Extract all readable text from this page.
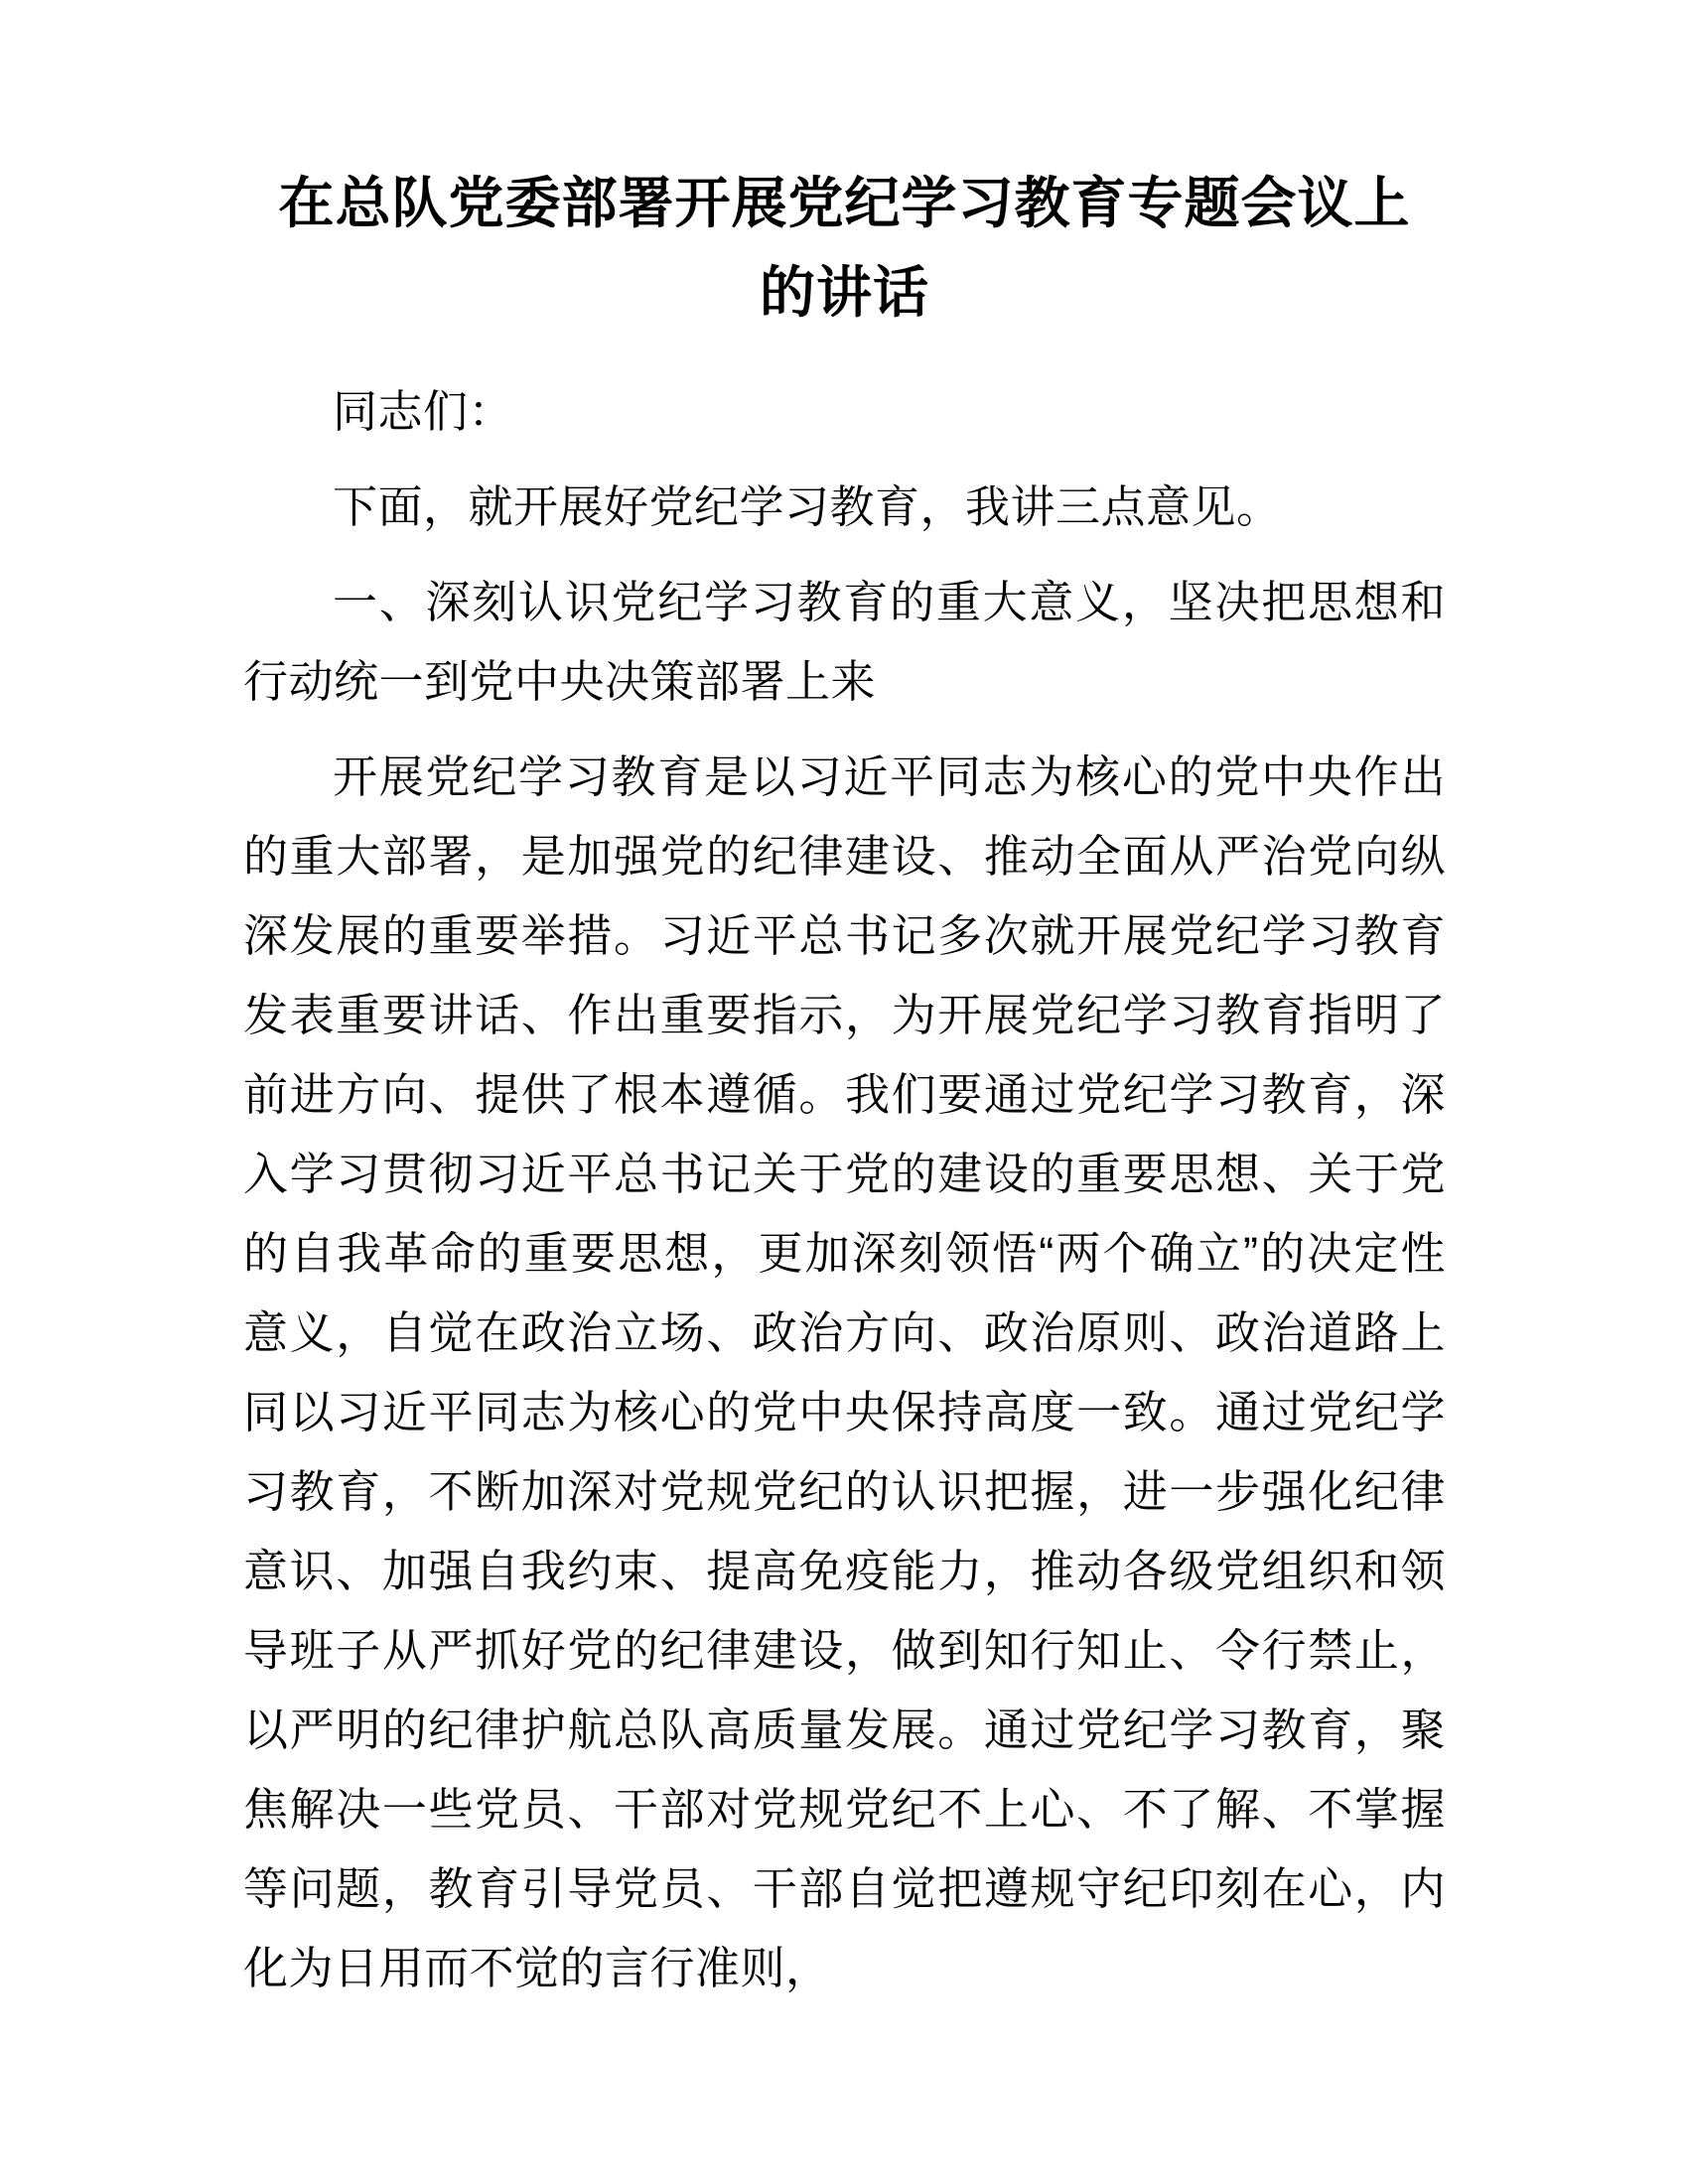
在总队党委部署开展党纪学习教育专题会议上
的讲话

同志们：

下面，就开展好党纪学习教育，我讲三点意见。

一、深刻认识党纪学习教育的重大意义，坚决把思想和行动统一到党中央决策部署上来

开展党纪学习教育是以习近平同志为核心的党中央作出的重大部署，是加强党的纪律建设、推动全面从严治党向纵深发展的重要举措。习近平总书记多次就开展党纪学习教育发表重要讲话、作出重要指示，为开展党纪学习教育指明了前进方向、提供了根本遵循。我们要通过党纪学习教育，深入学习贯彻习近平总书记关于党的建设的重要思想、关于党的自我革命的重要思想，更加深刻领悟“两个确立”的决定性意义，自觉在政治立场、政治方向、政治原则、政治道路上同以习近平同志为核心的党中央保持高度一致。通过党纪学习教育，不断加深对党规党纪的认识把握，进一步强化纪律意识、加强自我约束、提高免疫能力，推动各级党组织和领导班子从严抓好党的纪律建设，做到知行知止、令行禁止，以严明的纪律护航总队高质量发展。通过党纪学习教育，聚焦解决一些党员、干部对党规党纪不上心、不了解、不掌握等问题，教育引导党员、干部自觉把遵规守纪印刻在心，内化为日用而不觉的言行准则，
